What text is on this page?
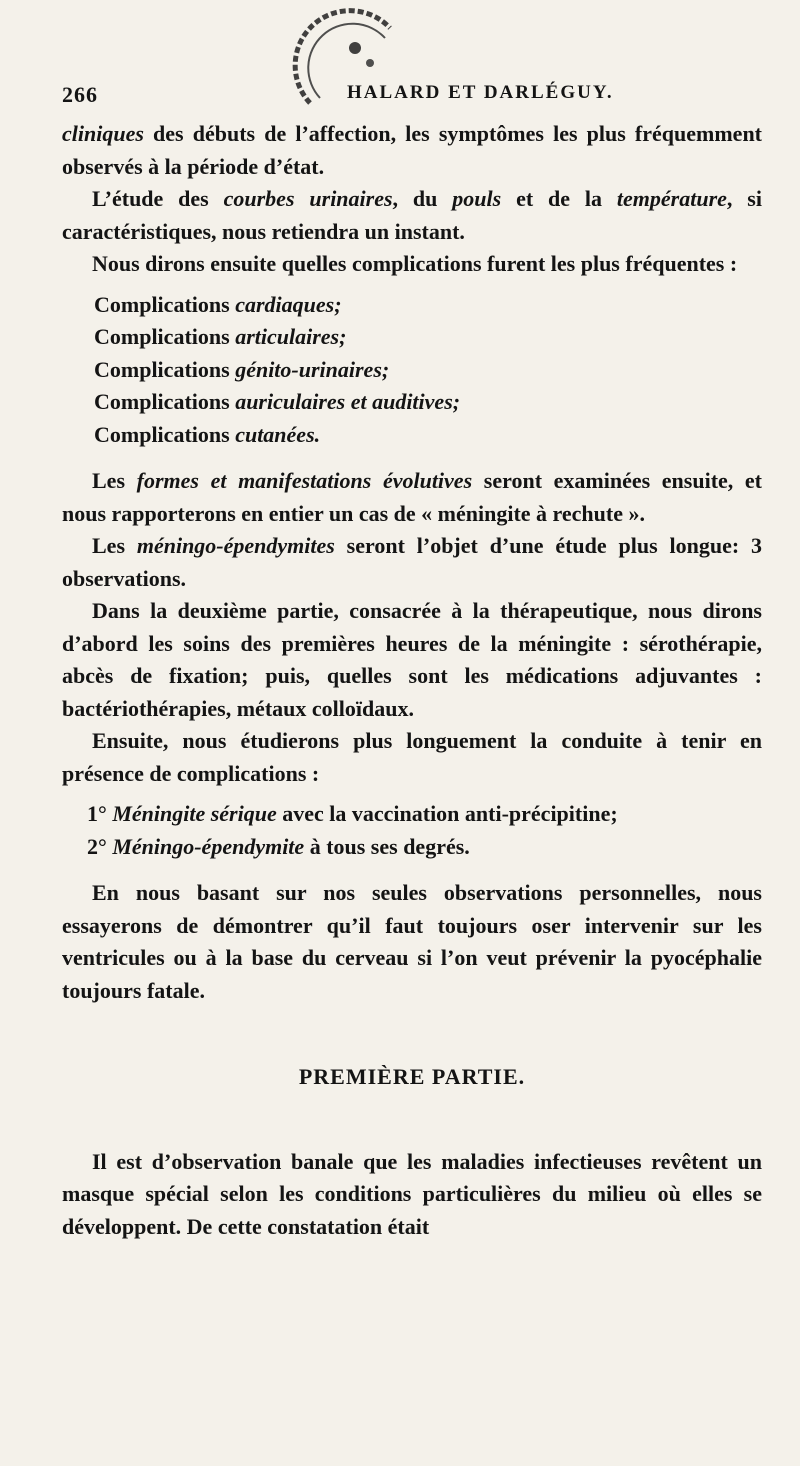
266	HALARD ET DARLÉGUY.

cliniques des débuts de l’affection, les symptômes les plus fréquemment observés à la période d’état.

L’étude des courbes urinaires, du pouls et de la température, si caractéristiques, nous retiendra un instant.

Nous dirons ensuite quelles complications furent les plus fréquentes :

Complications cardiaques;
Complications articulaires;
Complications génito-urinaires;
Complications auriculaires et auditives;
Complications cutanées.

Les formes et manifestations évolutives seront examinées ensuite, et nous rapporterons en entier un cas de « méningite à rechute ».

Les méningo-épendymites seront l’objet d’une étude plus longue: 3 observations.

Dans la deuxième partie, consacrée à la thérapeutique, nous dirons d’abord les soins des premières heures de la méningite : sérothérapie, abcès de fixation; puis, quelles sont les médications adjuvantes : bactériothérapies, métaux colloïdaux.

Ensuite, nous étudierons plus longuement la conduite à tenir en présence de complications :

1° Méningite sérique avec la vaccination anti-précipitine;
2° Méningo-épendymite à tous ses degrés.

En nous basant sur nos seules observations personnelles, nous essayerons de démontrer qu’il faut toujours oser intervenir sur les ventricules ou à la base du cerveau si l’on veut prévenir la pyocéphalie toujours fatale.

PREMIÈRE PARTIE.

Il est d’observation banale que les maladies infectieuses revêtent un masque spécial selon les conditions particulières du milieu où elles se développent. De cette constatation était
